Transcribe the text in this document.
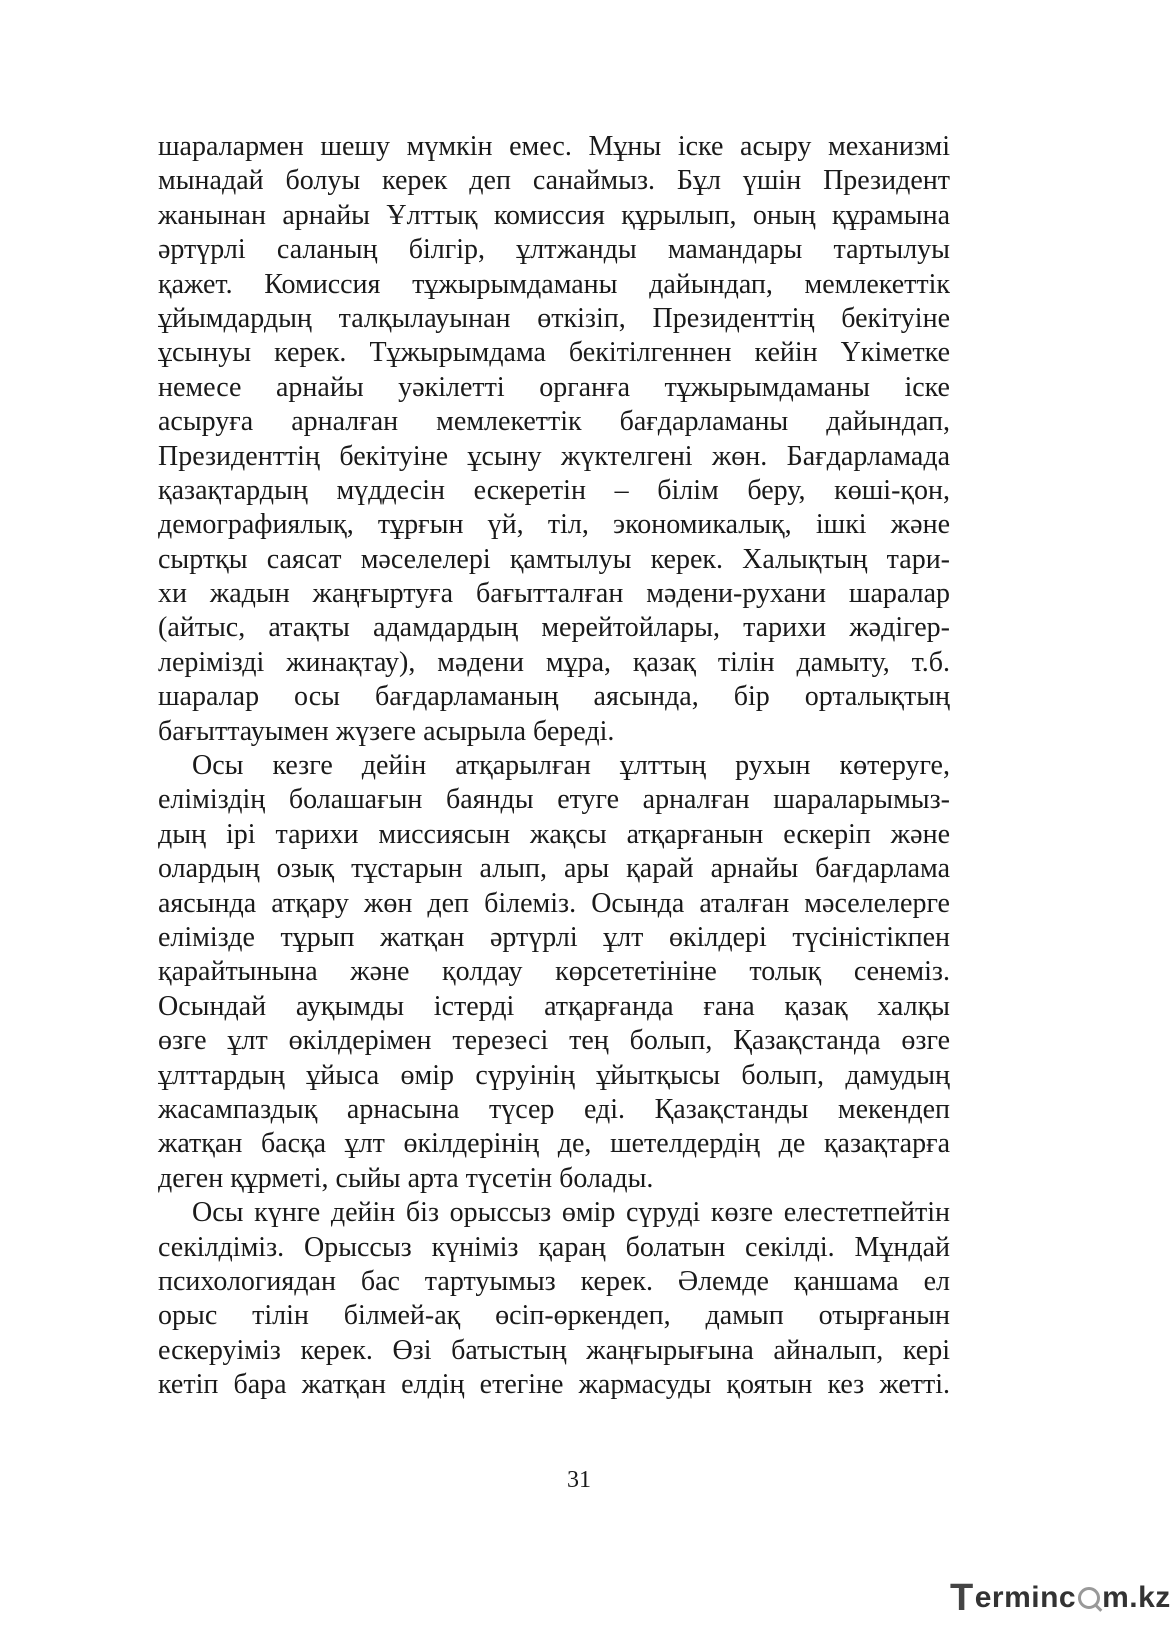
шаралармен шешу мүмкін емес. Мұны іске асыру механизмі
мынадай болуы керек деп санаймыз. Бұл үшін Президент
жанынан арнайы Ұлттық комиссия құрылып, оның құрамына
әртүрлі саланың білгір, ұлтжанды мамандары тартылуы
қажет. Комиссия тұжырымдаманы дайындап, мемлекеттік
ұйымдардың талқылауынан өткізіп, Президенттің бекітуіне
ұсынуы керек. Тұжырымдама бекітілгеннен кейін Үкіметке
немесе арнайы уәкілетті органға тұжырымдаманы іске
асыруға арналған мемлекеттік бағдарламаны дайындап,
Президенттің бекітуіне ұсыну жүктелгені жөн. Бағдарламада
қазақтардың мүддесін ескеретін – білім беру, көші-қон,
демографиялық, тұрғын үй, тіл, экономикалық, ішкі және
сыртқы саясат мәселелері қамтылуы керек. Халықтың тари-
хи жадын жаңғыртуға бағытталған мәдени-рухани шаралар
(айтыс, атақты адамдардың мерейтойлары, тарихи жәдігер-
лерімізді жинақтау), мәдени мұра, қазақ тілін дамыту, т.б.
шаралар осы бағдарламаның аясында, бір орталықтың
бағыттауымен жүзеге асырыла береді.
Осы кезге дейін атқарылған ұлттың рухын көтеруге,
еліміздің болашағын баянды етуге арналған шараларымыз-
дың ірі тарихи миссиясын жақсы атқарғанын ескеріп және
олардың озық тұстарын алып, ары қарай арнайы бағдарлама
аясында атқару жөн деп білеміз. Осында аталған мәселелерге
елімізде тұрып жатқан әртүрлі ұлт өкілдері түсіністікпен
қарайтынына және қолдау көрсететініне толық сенеміз.
Осындай ауқымды істерді атқарғанда ғана қазақ халқы
өзге ұлт өкілдерімен терезесі тең болып, Қазақстанда өзге
ұлттардың ұйыса өмір сүруінің ұйытқысы болып, дамудың
жасампаздық арнасына түсер еді. Қазақстанды мекендеп
жатқан басқа ұлт өкілдерінің де, шетелдердің де қазақтарға
деген құрметі, сыйы арта түсетін болады.
Осы күнге дейін біз орыссыз өмір сүруді көзге елестетпейтін
секілдіміз. Орыссыз күніміз қараң болатын секілді. Мұндай
психологиядан бас тартуымыз керек. Әлемде қаншама ел
орыс тілін білмей-ақ өсіп-өркендеп, дамып отырғанын
ескеруіміз керек. Өзі батыстың жаңғырығына айналып, кері
кетіп бара жатқан елдің етегіне жармасуды қоятын кез жетті.
31
T erminc m.kz
